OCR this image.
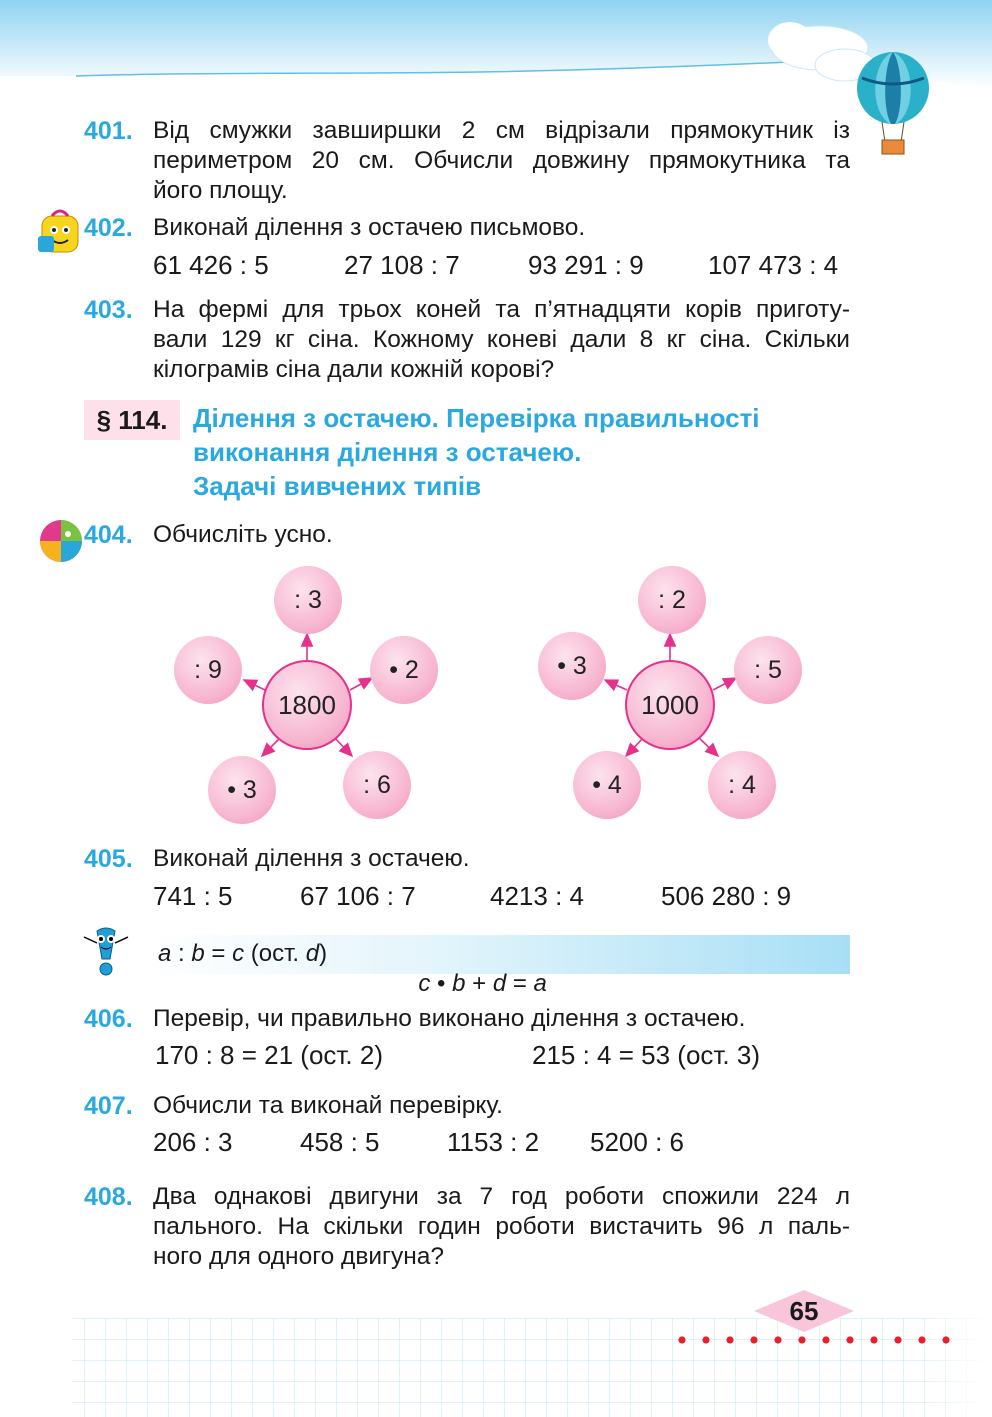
401. Від смужки завширшки 2 см відрізали прямокутник із
периметром 20 см. Обчисли довжину прямокутника та
його площу.
402. Виконай ділення з остачею письмово.
61 426 : 5	27 108 : 7	93 291 : 9 107 473 : 4
403. На фермі для трьох коней та п’ятнадцяти корів приготу-
вали 129 кг сіна. Кожному коневі дали 8 кг сіна. Скільки
кілограмів сіна дали кожній корові?
§ 114. Ділення з остачею. Перевірка правильності
виконання ділення з остачею.
Задачі вивчених типів
404. Обчисліть усно.
1800
: 3
• 2
: 6
• 3
: 9
1000
: 2
: 5
: 4
• 4
• 3
405. Виконай ділення з остачею.
741 : 5	67 106 : 7	4213 : 4	506 280 : 9
a : b = c (ост. d)

c • b + d = a

406. Перевір, чи правильно виконано ділення з остачею.
170 : 8 = 21 (ост. 2)	215 : 4 = 53 (ост. 3)
407. Обчисли та виконай перевірку.
206 : 3	458 : 5	1153 : 2 5200 : 6
408. Два однакові двигуни за 7 год роботи спожили 224 л
пального. На скільки годин роботи вистачить 96 л паль-
ного для одного двигуна?
65
